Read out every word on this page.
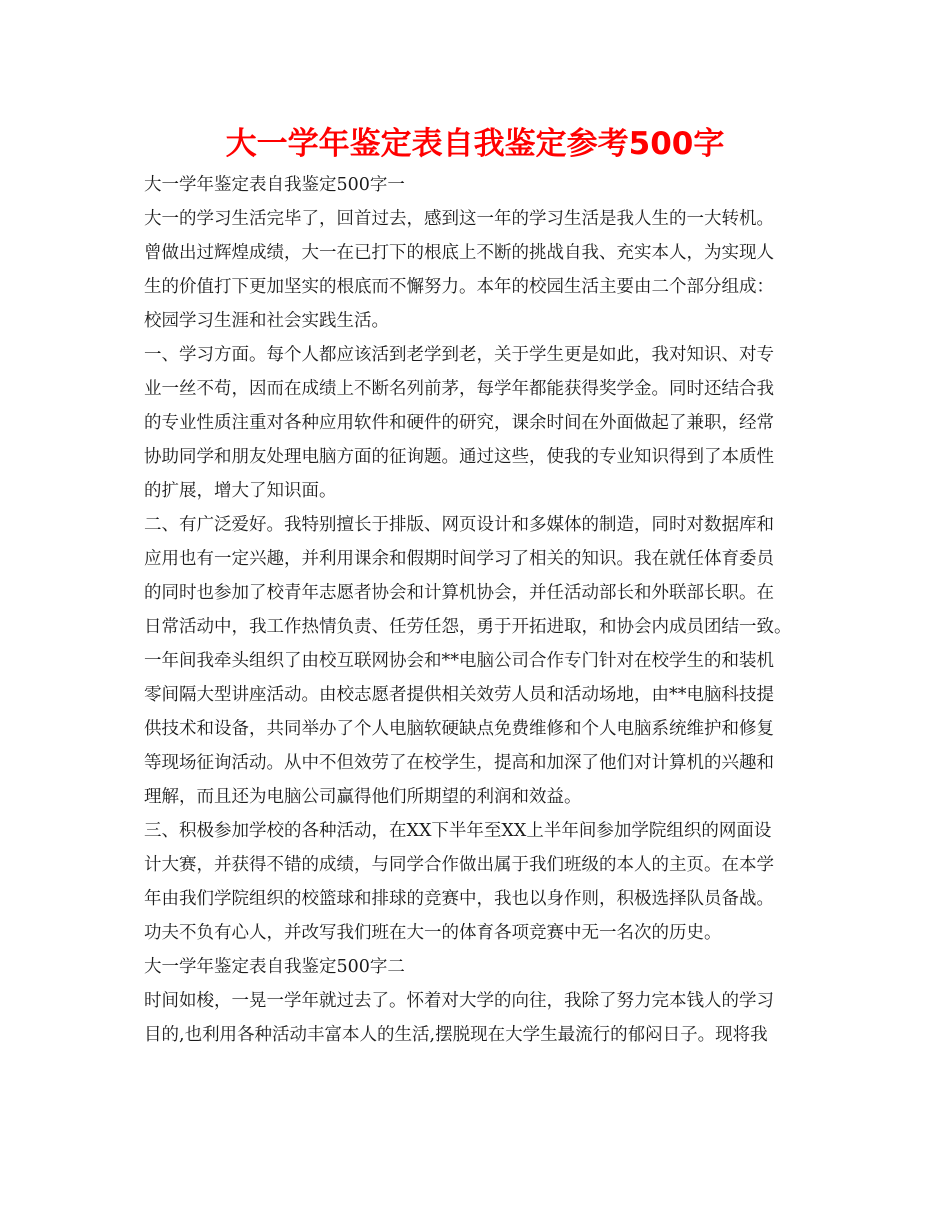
大一学年鉴定表自我鉴定参考500字
大一学年鉴定表自我鉴定500字一
大一的学习生活完毕了，回首过去，感到这一年的学习生活是我人生的一大转机。
曾做出过辉煌成绩，大一在已打下的根底上不断的挑战自我、充实本人，为实现人
生的价值打下更加坚实的根底而不懈努力。本年的校园生活主要由二个部分组成：
校园学习生涯和社会实践生活。
一、学习方面。每个人都应该活到老学到老，关于学生更是如此，我对知识、对专
业一丝不苟，因而在成绩上不断名列前茅，每学年都能获得奖学金。同时还结合我
的专业性质注重对各种应用软件和硬件的研究，课余时间在外面做起了兼职，经常
协助同学和朋友处理电脑方面的征询题。通过这些，使我的专业知识得到了本质性
的扩展，增大了知识面。
二、有广泛爱好。我特别擅长于排版、网页设计和多媒体的制造，同时对数据库和
应用也有一定兴趣，并利用课余和假期时间学习了相关的知识。我在就任体育委员
的同时也参加了校青年志愿者协会和计算机协会，并任活动部长和外联部长职。在
日常活动中，我工作热情负责、任劳任怨，勇于开拓进取，和协会内成员团结一致。
一年间我牵头组织了由校互联网协会和**电脑公司合作专门针对在校学生的和装机
零间隔大型讲座活动。由校志愿者提供相关效劳人员和活动场地，由**电脑科技提
供技术和设备，共同举办了个人电脑软硬缺点免费维修和个人电脑系统维护和修复
等现场征询活动。从中不但效劳了在校学生，提高和加深了他们对计算机的兴趣和
理解，而且还为电脑公司赢得他们所期望的利润和效益。
三、积极参加学校的各种活动，在XX下半年至XX上半年间参加学院组织的网面设
计大赛，并获得不错的成绩，与同学合作做出属于我们班级的本人的主页。在本学
年由我们学院组织的校篮球和排球的竞赛中，我也以身作则，积极选择队员备战。
功夫不负有心人，并改写我们班在大一的体育各项竞赛中无一名次的历史。
大一学年鉴定表自我鉴定500字二
时间如梭，一晃一学年就过去了。怀着对大学的向往，我除了努力完本钱人的学习
目的,也利用各种活动丰富本人的生活,摆脱现在大学生最流行的郁闷日子。现将我
